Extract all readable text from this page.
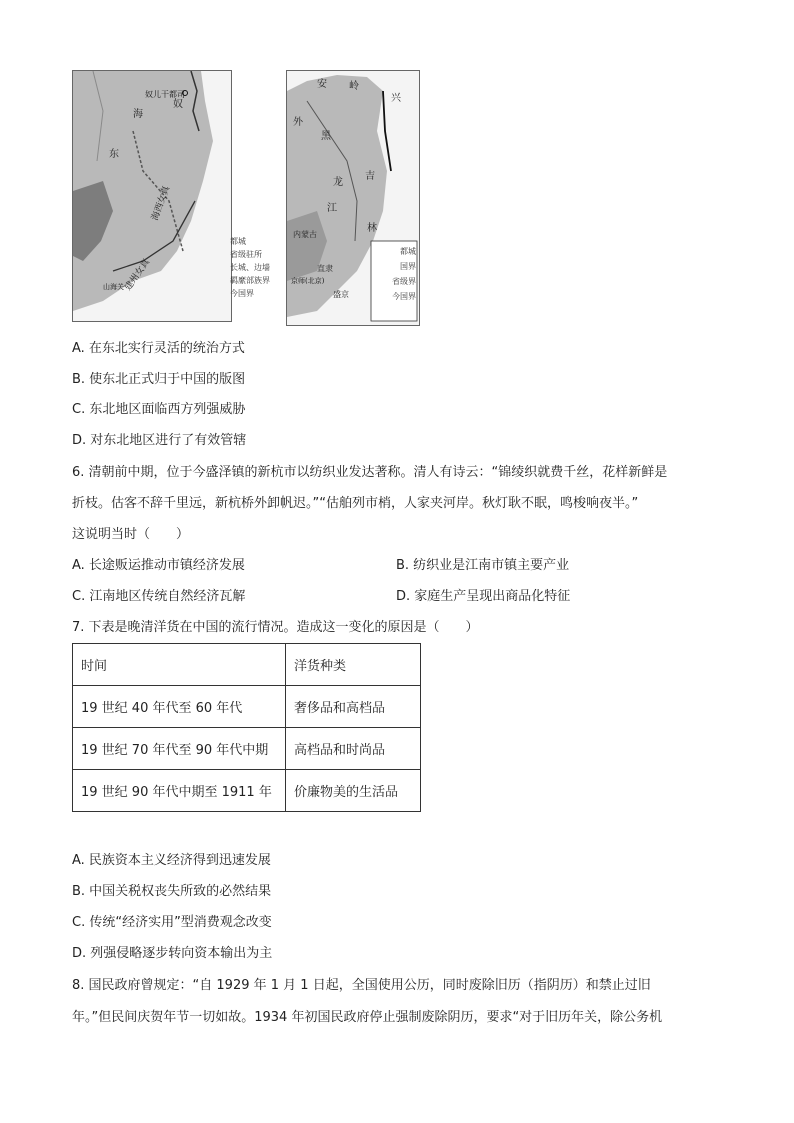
奴儿干都司
海
东
奴
海西女真
建州女真
山海关
都城
省级驻所
长城、边墙
羁縻部族界
今国界
安 岭
外
黑
兴
龙
江
吉
林
内蒙古
京师(北京)
直隶
盛京
都城
国界
省级界
今国界
A. 在东北实行灵活的统治方式
B. 使东北正式归于中国的版图
C. 东北地区面临西方列强威胁
D. 对东北地区进行了有效管辖
6. 清朝前中期，位于今盛泽镇的新杭市以纺织业发达著称。清人有诗云：“锦绫织就费千丝，花样新鲜是
折枝。估客不辞千里远，新杭桥外卸帆迟。”“估舶列市梢，人家夹河岸。秋灯耿不眠，鸣梭响夜半。”
这说明当时（　　）
A. 长途贩运推动市镇经济发展	B. 纺织业是江南市镇主要产业
C. 江南地区传统自然经济瓦解	D. 家庭生产呈现出商品化特征
7. 下表是晚清洋货在中国的流行情况。造成这一变化的原因是（　　）
时间	洋货种类
19 世纪 40 年代至 60 年代	奢侈品和高档品
19 世纪 70 年代至 90 年代中期	高档品和时尚品
19 世纪 90 年代中期至 1911 年	价廉物美的生活品
A. 民族资本主义经济得到迅速发展
B. 中国关税权丧失所致的必然结果
C. 传统“经济实用”型消费观念改变
D. 列强侵略逐步转向资本输出为主
8. 国民政府曾规定：“自 1929 年 1 月 1 日起，全国使用公历，同时废除旧历（指阴历）和禁止过旧
年。”但民间庆贺年节一切如故。1934 年初国民政府停止强制废除阴历，要求“对于旧历年关，除公务机
